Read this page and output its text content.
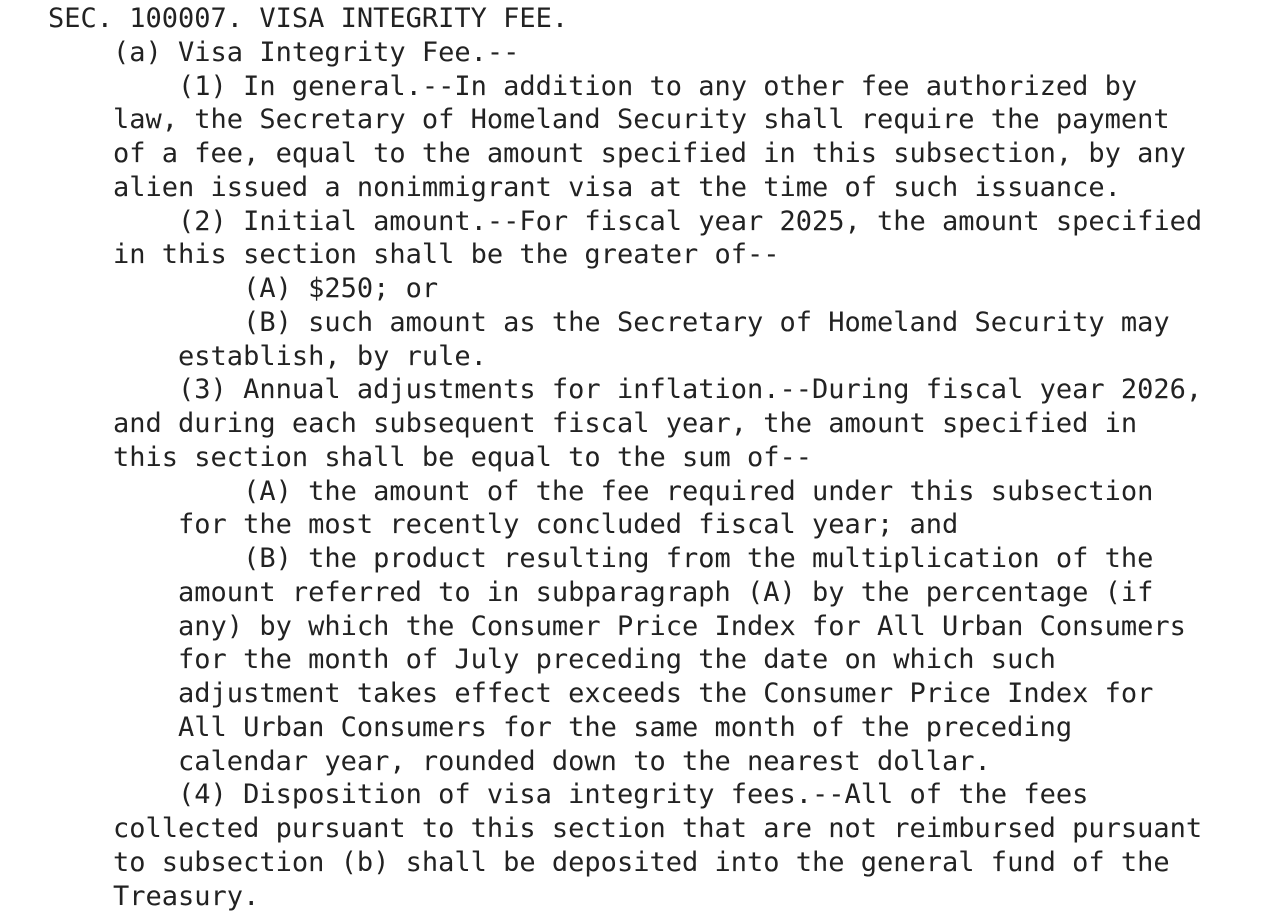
SEC. 100007. VISA INTEGRITY FEE.
(a) Visa Integrity Fee.--
(1) In general.--In addition to any other fee authorized by
law, the Secretary of Homeland Security shall require the payment
of a fee, equal to the amount specified in this subsection, by any
alien issued a nonimmigrant visa at the time of such issuance.
(2) Initial amount.--For fiscal year 2025, the amount specified
in this section shall be the greater of--
(A) $250; or
(B) such amount as the Secretary of Homeland Security may
establish, by rule.
(3) Annual adjustments for inflation.--During fiscal year 2026,
and during each subsequent fiscal year, the amount specified in
this section shall be equal to the sum of--
(A) the amount of the fee required under this subsection
for the most recently concluded fiscal year; and
(B) the product resulting from the multiplication of the
amount referred to in subparagraph (A) by the percentage (if
any) by which the Consumer Price Index for All Urban Consumers
for the month of July preceding the date on which such
adjustment takes effect exceeds the Consumer Price Index for
All Urban Consumers for the same month of the preceding
calendar year, rounded down to the nearest dollar.
(4) Disposition of visa integrity fees.--All of the fees
collected pursuant to this section that are not reimbursed pursuant
to subsection (b) shall be deposited into the general fund of the
Treasury.
